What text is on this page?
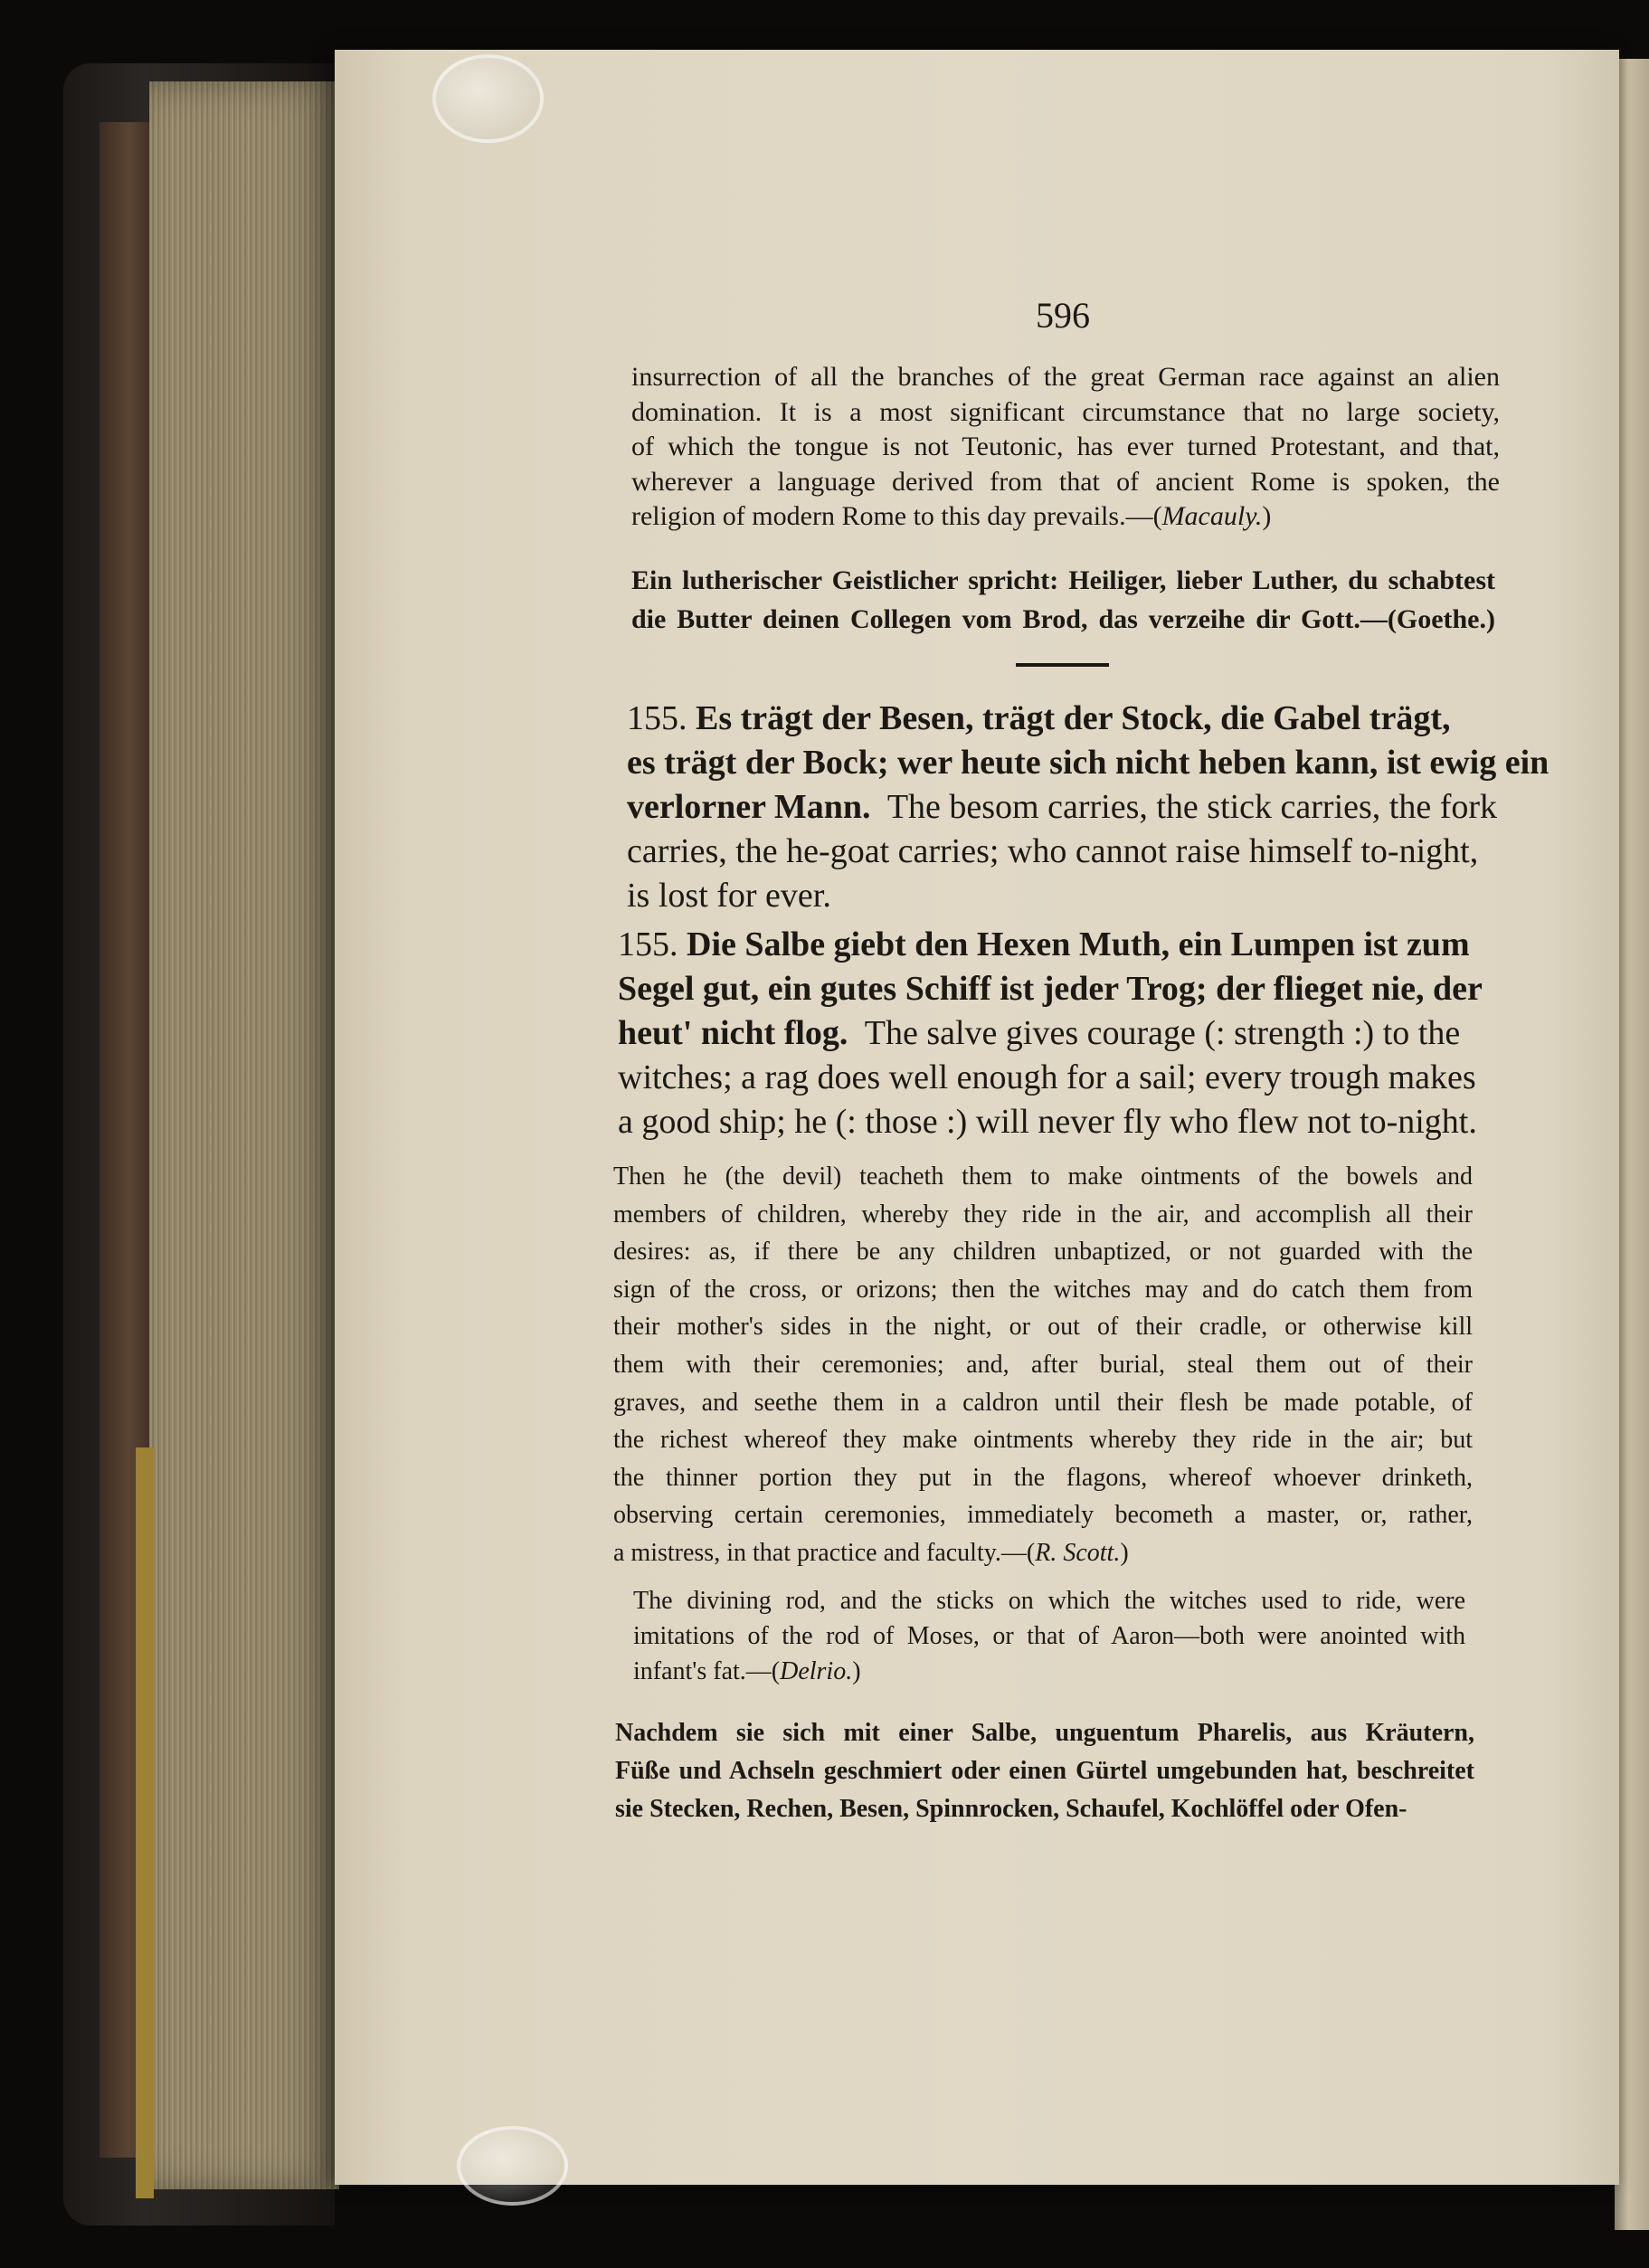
596

insurrection of all the branches of the great German race against an alien

domination. It is a most significant circumstance that no large society,

of which the tongue is not Teutonic, has ever turned Protestant, and that,

wherever a language derived from that of ancient Rome is spoken, the

religion of modern Rome to this day prevails.—(Macauly.)

Ein lutherischer Geistlicher spricht: Heiliger, lieber Luther, du schabtest

die Butter deinen Collegen vom Brod, das verzeihe dir Gott.—(Goethe.)

155. Es trägt der Besen, trägt der Stock, die Gabel trägt,

es trägt der Bock; wer heute sich nicht heben kann, ist ewig ein

verlorner Mann. The besom carries, the stick carries, the fork

carries, the he-goat carries; who cannot raise himself to-night,

is lost for ever.

155. Die Salbe giebt den Hexen Muth, ein Lumpen ist zum

Segel gut, ein gutes Schiff ist jeder Trog; der flieget nie, der

heut' nicht flog. The salve gives courage (: strength :) to the

witches; a rag does well enough for a sail; every trough makes

a good ship; he (: those :) will never fly who flew not to-night.

Then he (the devil) teacheth them to make ointments of the bowels and

members of children, whereby they ride in the air, and accomplish all their

desires: as, if there be any children unbaptized, or not guarded with the

sign of the cross, or orizons; then the witches may and do catch them from

their mother's sides in the night, or out of their cradle, or otherwise kill

them with their ceremonies; and, after burial, steal them out of their

graves, and seethe them in a caldron until their flesh be made potable, of

the richest whereof they make ointments whereby they ride in the air; but

the thinner portion they put in the flagons, whereof whoever drinketh,

observing certain ceremonies, immediately becometh a master, or, rather,

a mistress, in that practice and faculty.—(R. Scott.)

The divining rod, and the sticks on which the witches used to ride, were

imitations of the rod of Moses, or that of Aaron—both were anointed with

infant's fat.—(Delrio.)

Nachdem sie sich mit einer Salbe, unguentum Pharelis, aus Kräutern,

Füße und Achseln geschmiert oder einen Gürtel umgebunden hat, beschreitet

sie Stecken, Rechen, Besen, Spinnrocken, Schaufel, Kochlöffel oder Ofen-
